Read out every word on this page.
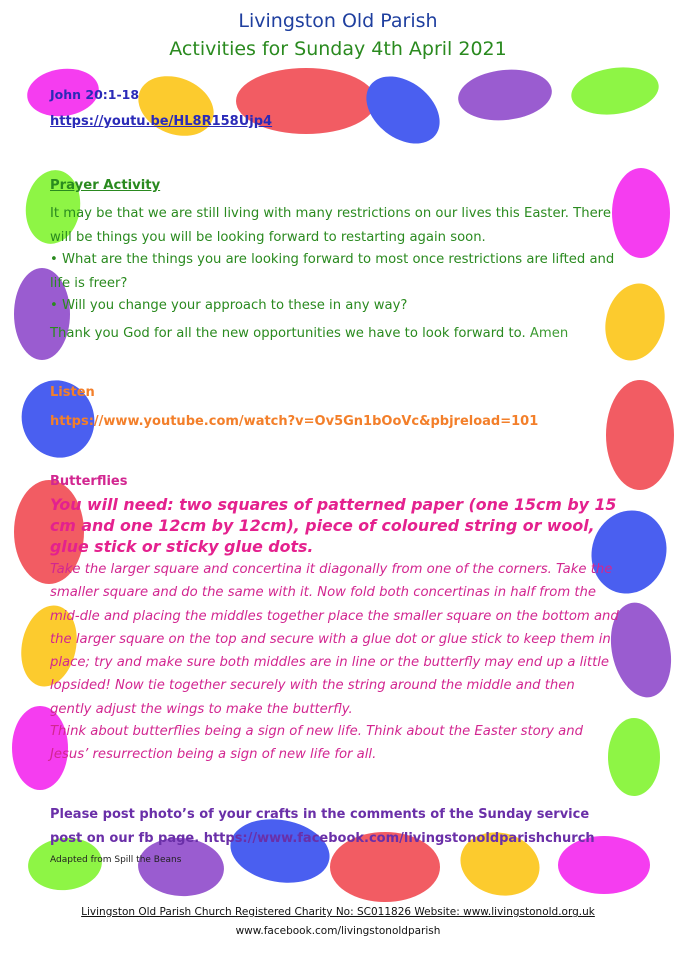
Livingston Old Parish
Activities for Sunday 4th April 2021
John 20:1-18
https://youtu.be/HL8R158Ujp4
Prayer Activity
It may be that we are still living with many restrictions on our lives this Easter. There will be things you will be looking forward to restarting again soon.
• What are the things you are looking forward to most once restrictions are lifted and life is freer?
• Will you change your approach to these in any way?
Thank you God for all the new opportunities we have to look forward to. Amen
Listen
https://www.youtube.com/watch?v=Ov5Gn1bOoVc&pbjreload=101
Butterflies
You will need: two squares of patterned paper (one 15cm by 15 cm and one 12cm by 12cm), piece of coloured string or wool, glue stick or sticky glue dots.
Take the larger square and concertina it diagonally from one of the corners. Take the smaller square and do the same with it. Now fold both concertinas in half from the mid-dle and placing the middles together place the smaller square on the bottom and the larger square on the top and secure with a glue dot or glue stick to keep them in place; try and make sure both middles are in line or the butterfly may end up a little lopsided! Now tie together securely with the string around the middle and then gently adjust the wings to make the butterfly.
Think about butterflies being a sign of new life. Think about the Easter story and Jesus’ resurrection being a sign of new life for all.
Please post photo’s of your crafts in the comments of the Sunday service post on our fb page. https://www.facebook.com/livingstonoldparishchurch
Adapted from Spill the Beans
Livingston Old Parish Church Registered Charity No: SC011826 Website: www.livingstonold.org.uk
www.facebook.com/livingstonoldparish
